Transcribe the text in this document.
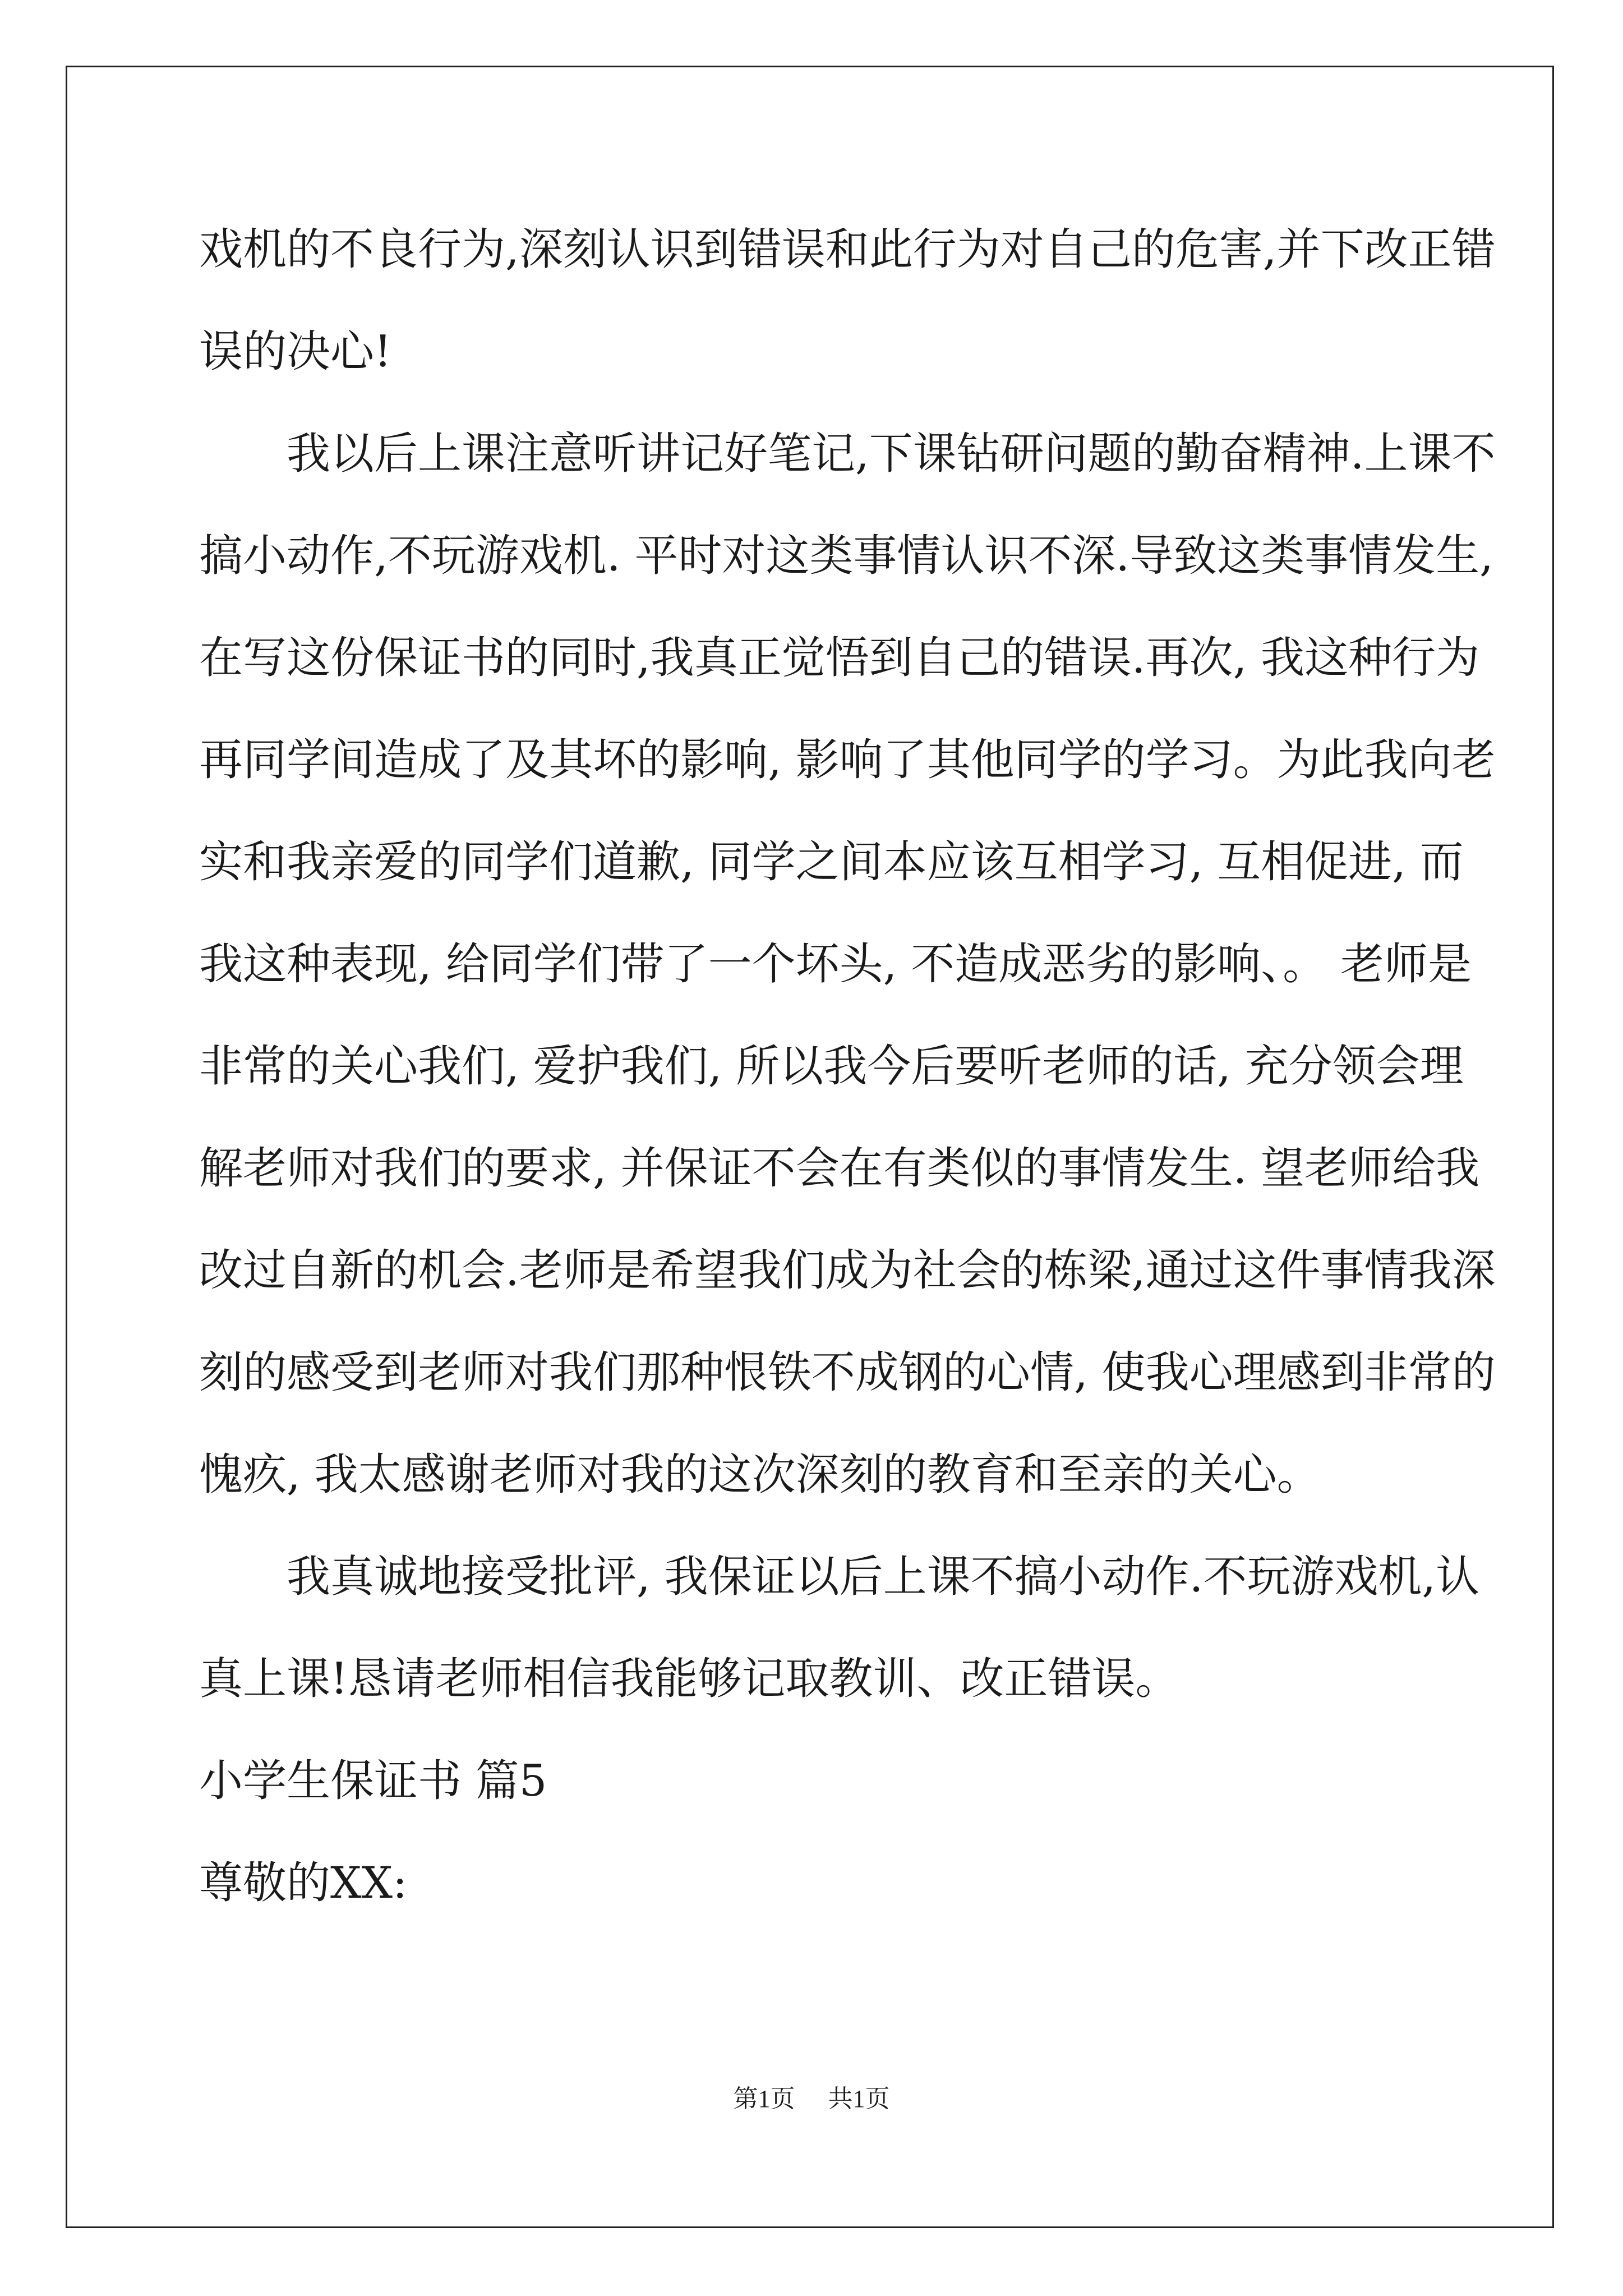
戏机的不良行为,深刻认识到错误和此行为对自己的危害,并下改正错
误的决心!
我以后上课注意听讲记好笔记,下课钻研问题的勤奋精神.上课不
搞小动作,不玩游戏机. 平时对这类事情认识不深.导致这类事情发生,
在写这份保证书的同时,我真正觉悟到自己的错误.再次, 我这种行为
再同学间造成了及其坏的影响, 影响了其他同学的学习。为此我向老
实和我亲爱的同学们道歉, 同学之间本应该互相学习, 互相促进, 而
我这种表现, 给同学们带了一个坏头, 不造成恶劣的影响、。 老师是
非常的关心我们, 爱护我们, 所以我今后要听老师的话, 充分领会理
解老师对我们的要求, 并保证不会在有类似的事情发生. 望老师给我
改过自新的机会.老师是希望我们成为社会的栋梁,通过这件事情我深
刻的感受到老师对我们那种恨铁不成钢的心情, 使我心理感到非常的
愧疚, 我太感谢老师对我的这次深刻的教育和至亲的关心。
我真诚地接受批评, 我保证以后上课不搞小动作.不玩游戏机,认
真上课!恳请老师相信我能够记取教训、改正错误。
小学生保证书 篇5
尊敬的XX:
第1页 共1页
